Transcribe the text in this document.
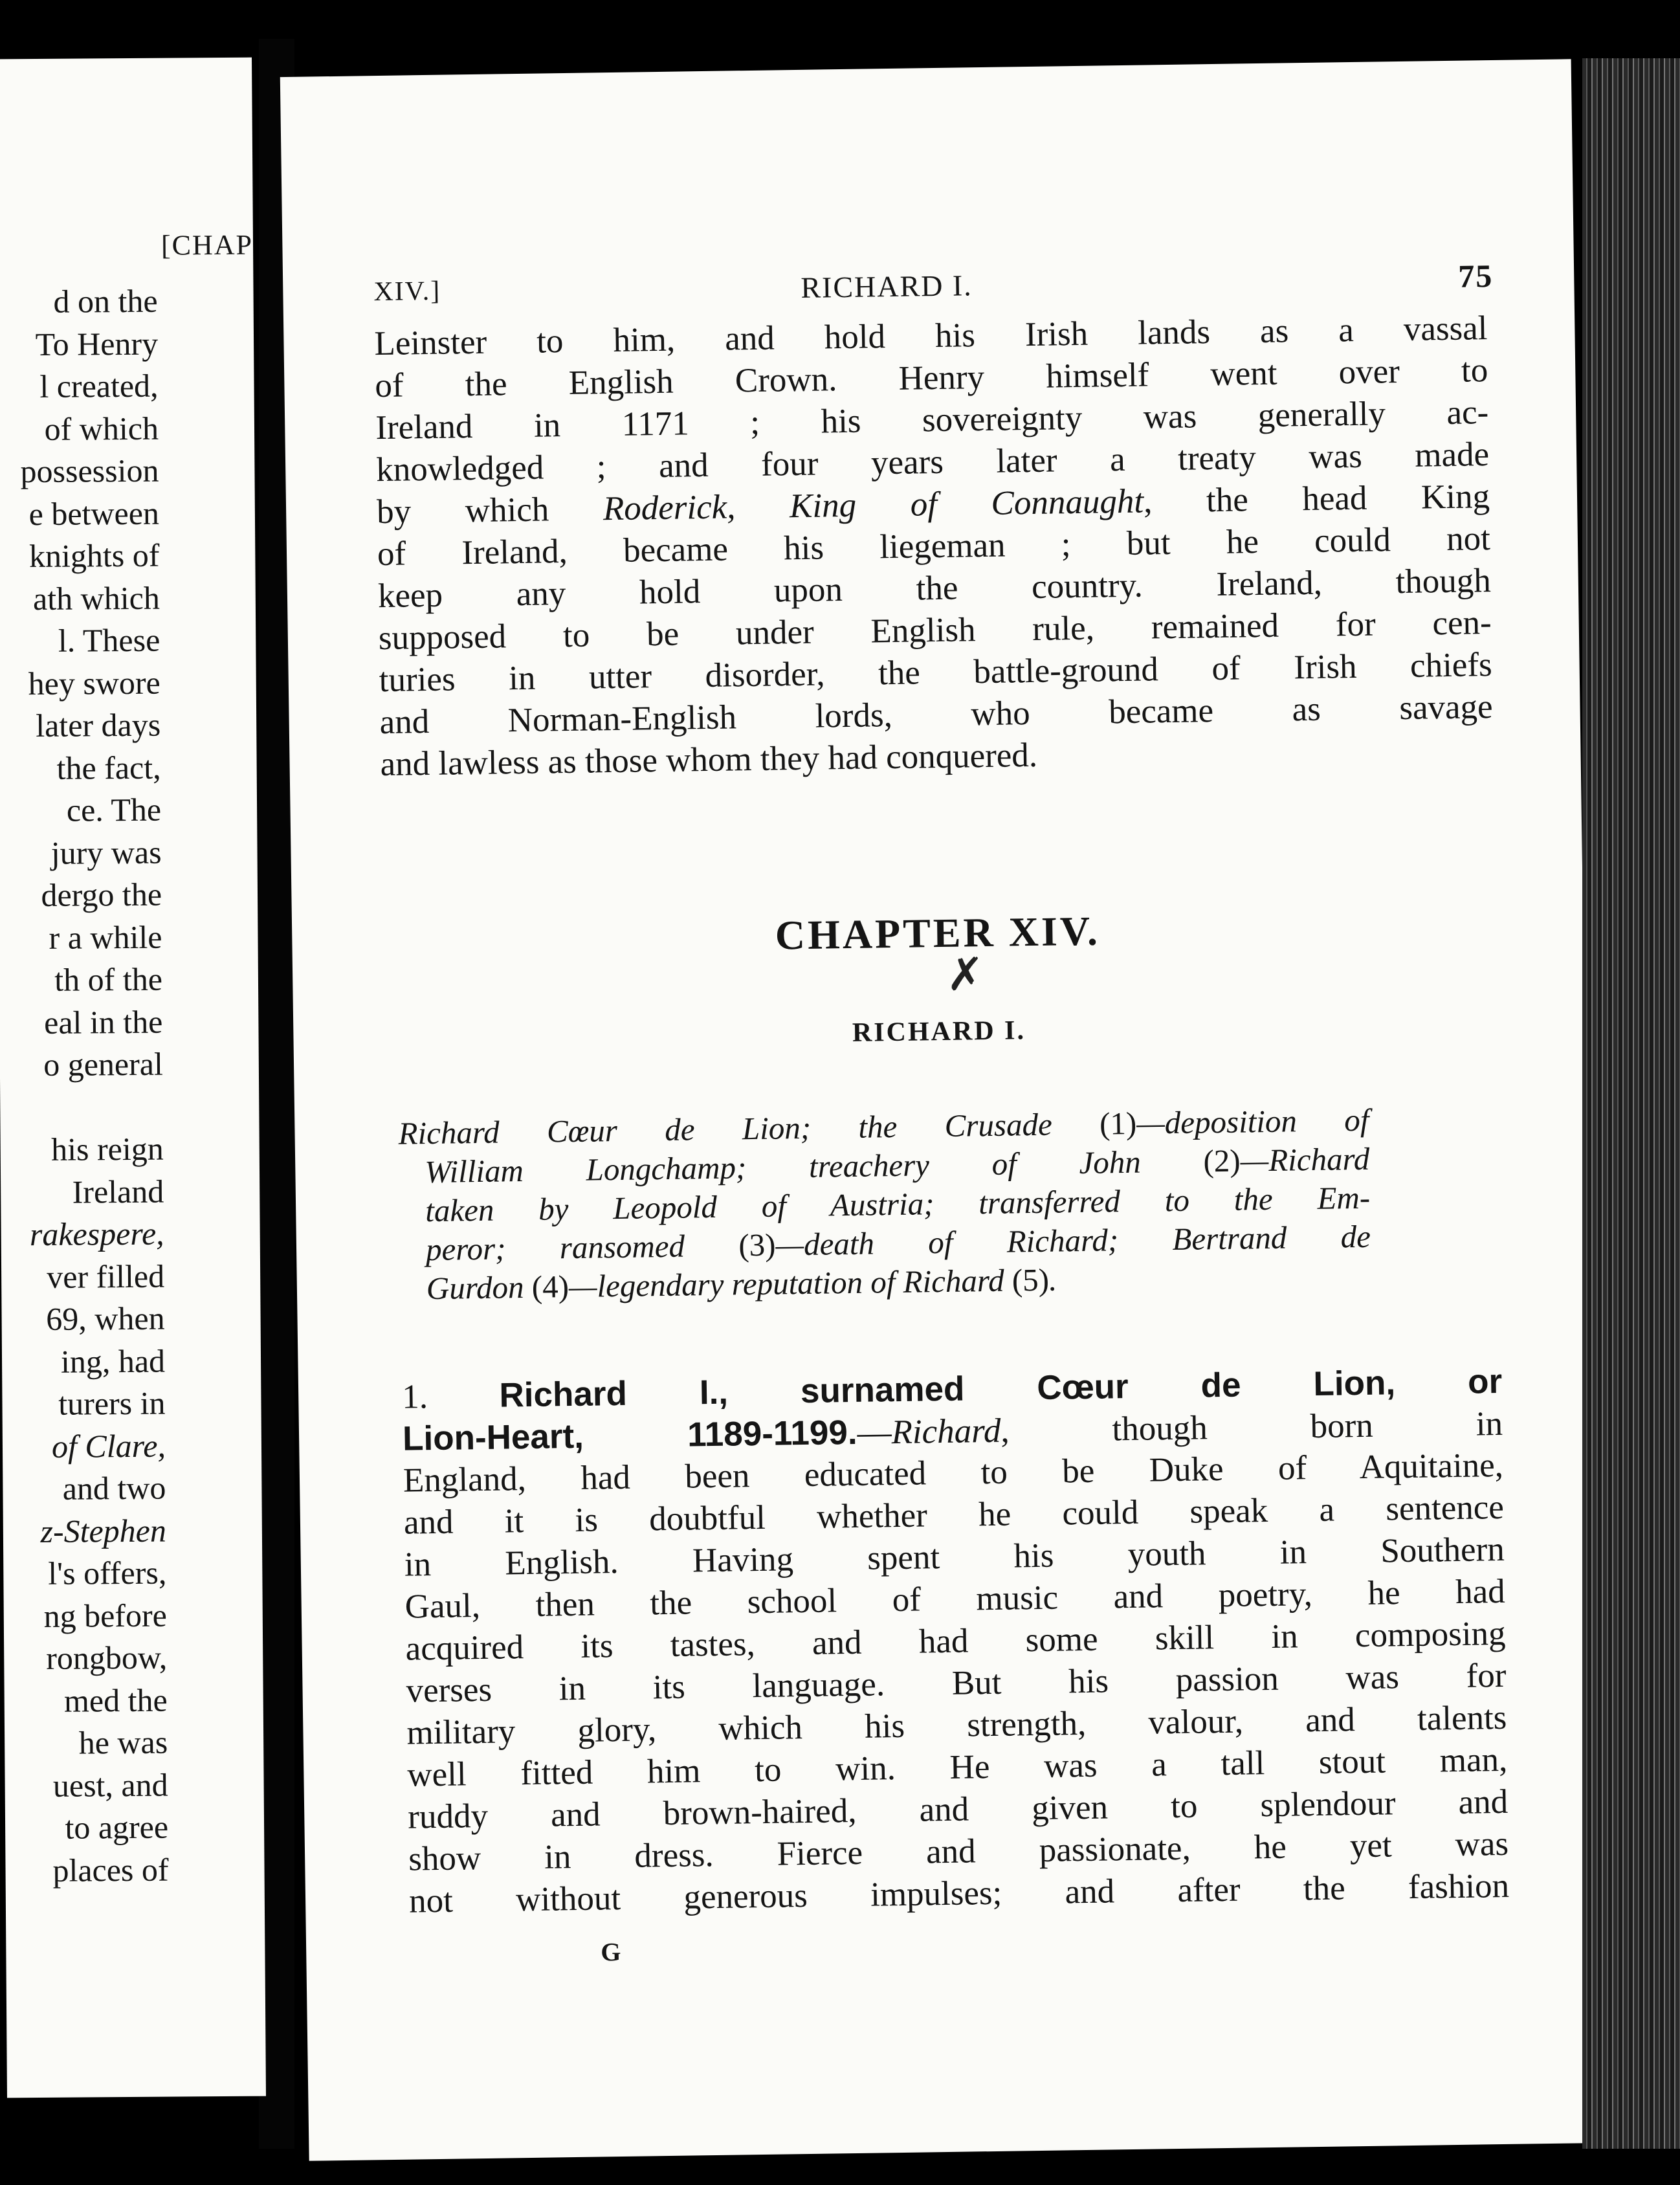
[CHAP
d on the
To Henry
l created,
of which
possession
e between
knights of
ath which
l. These
hey swore
later days
the fact,
ce. The
jury was
dergo the
r a while
th of the
eal in the
o general
his reign
Ireland
rakespere,
ver filled
69, when
ing, had
turers in
of Clare,
and two
z-Stephen
l's offers,
ng before
rongbow,
med the
he was
uest, and
to agree
places of
XIV.]	RICHARD I.	75
Leinster to him, and hold his Irish lands as a vassal
of the English Crown. Henry himself went over to
Ireland in 1171 ; his sovereignty was generally ac-
knowledged ; and four years later a treaty was made
by which Roderick, King of Connaught, the head King
of Ireland, became his liegeman ; but he could not
keep any hold upon the country. Ireland, though
supposed to be under English rule, remained for cen-
turies in utter disorder, the battle-ground of Irish chiefs
and Norman-English lords, who became as savage
and lawless as those whom they had conquered.
CHAPTER XIV.
✗
RICHARD I.
Richard Cœur de Lion; the Crusade (1)—deposition of
William Longchamp; treachery of John (2)—Richard
taken by Leopold of Austria; transferred to the Em-
peror; ransomed (3)—death of Richard; Bertrand de
Gurdon (4)—legendary reputation of Richard (5).
1. Richard I., surnamed Cœur de Lion, or
Lion-Heart, 1189-1199.—Richard, though born in
England, had been educated to be Duke of Aquitaine,
and it is doubtful whether he could speak a sentence
in English. Having spent his youth in Southern
Gaul, then the school of music and poetry, he had
acquired its tastes, and had some skill in composing
verses in its language. But his passion was for
military glory, which his strength, valour, and talents
well fitted him to win. He was a tall stout man,
ruddy and brown-haired, and given to splendour and
show in dress. Fierce and passionate, he yet was
not without generous impulses; and after the fashion
G
